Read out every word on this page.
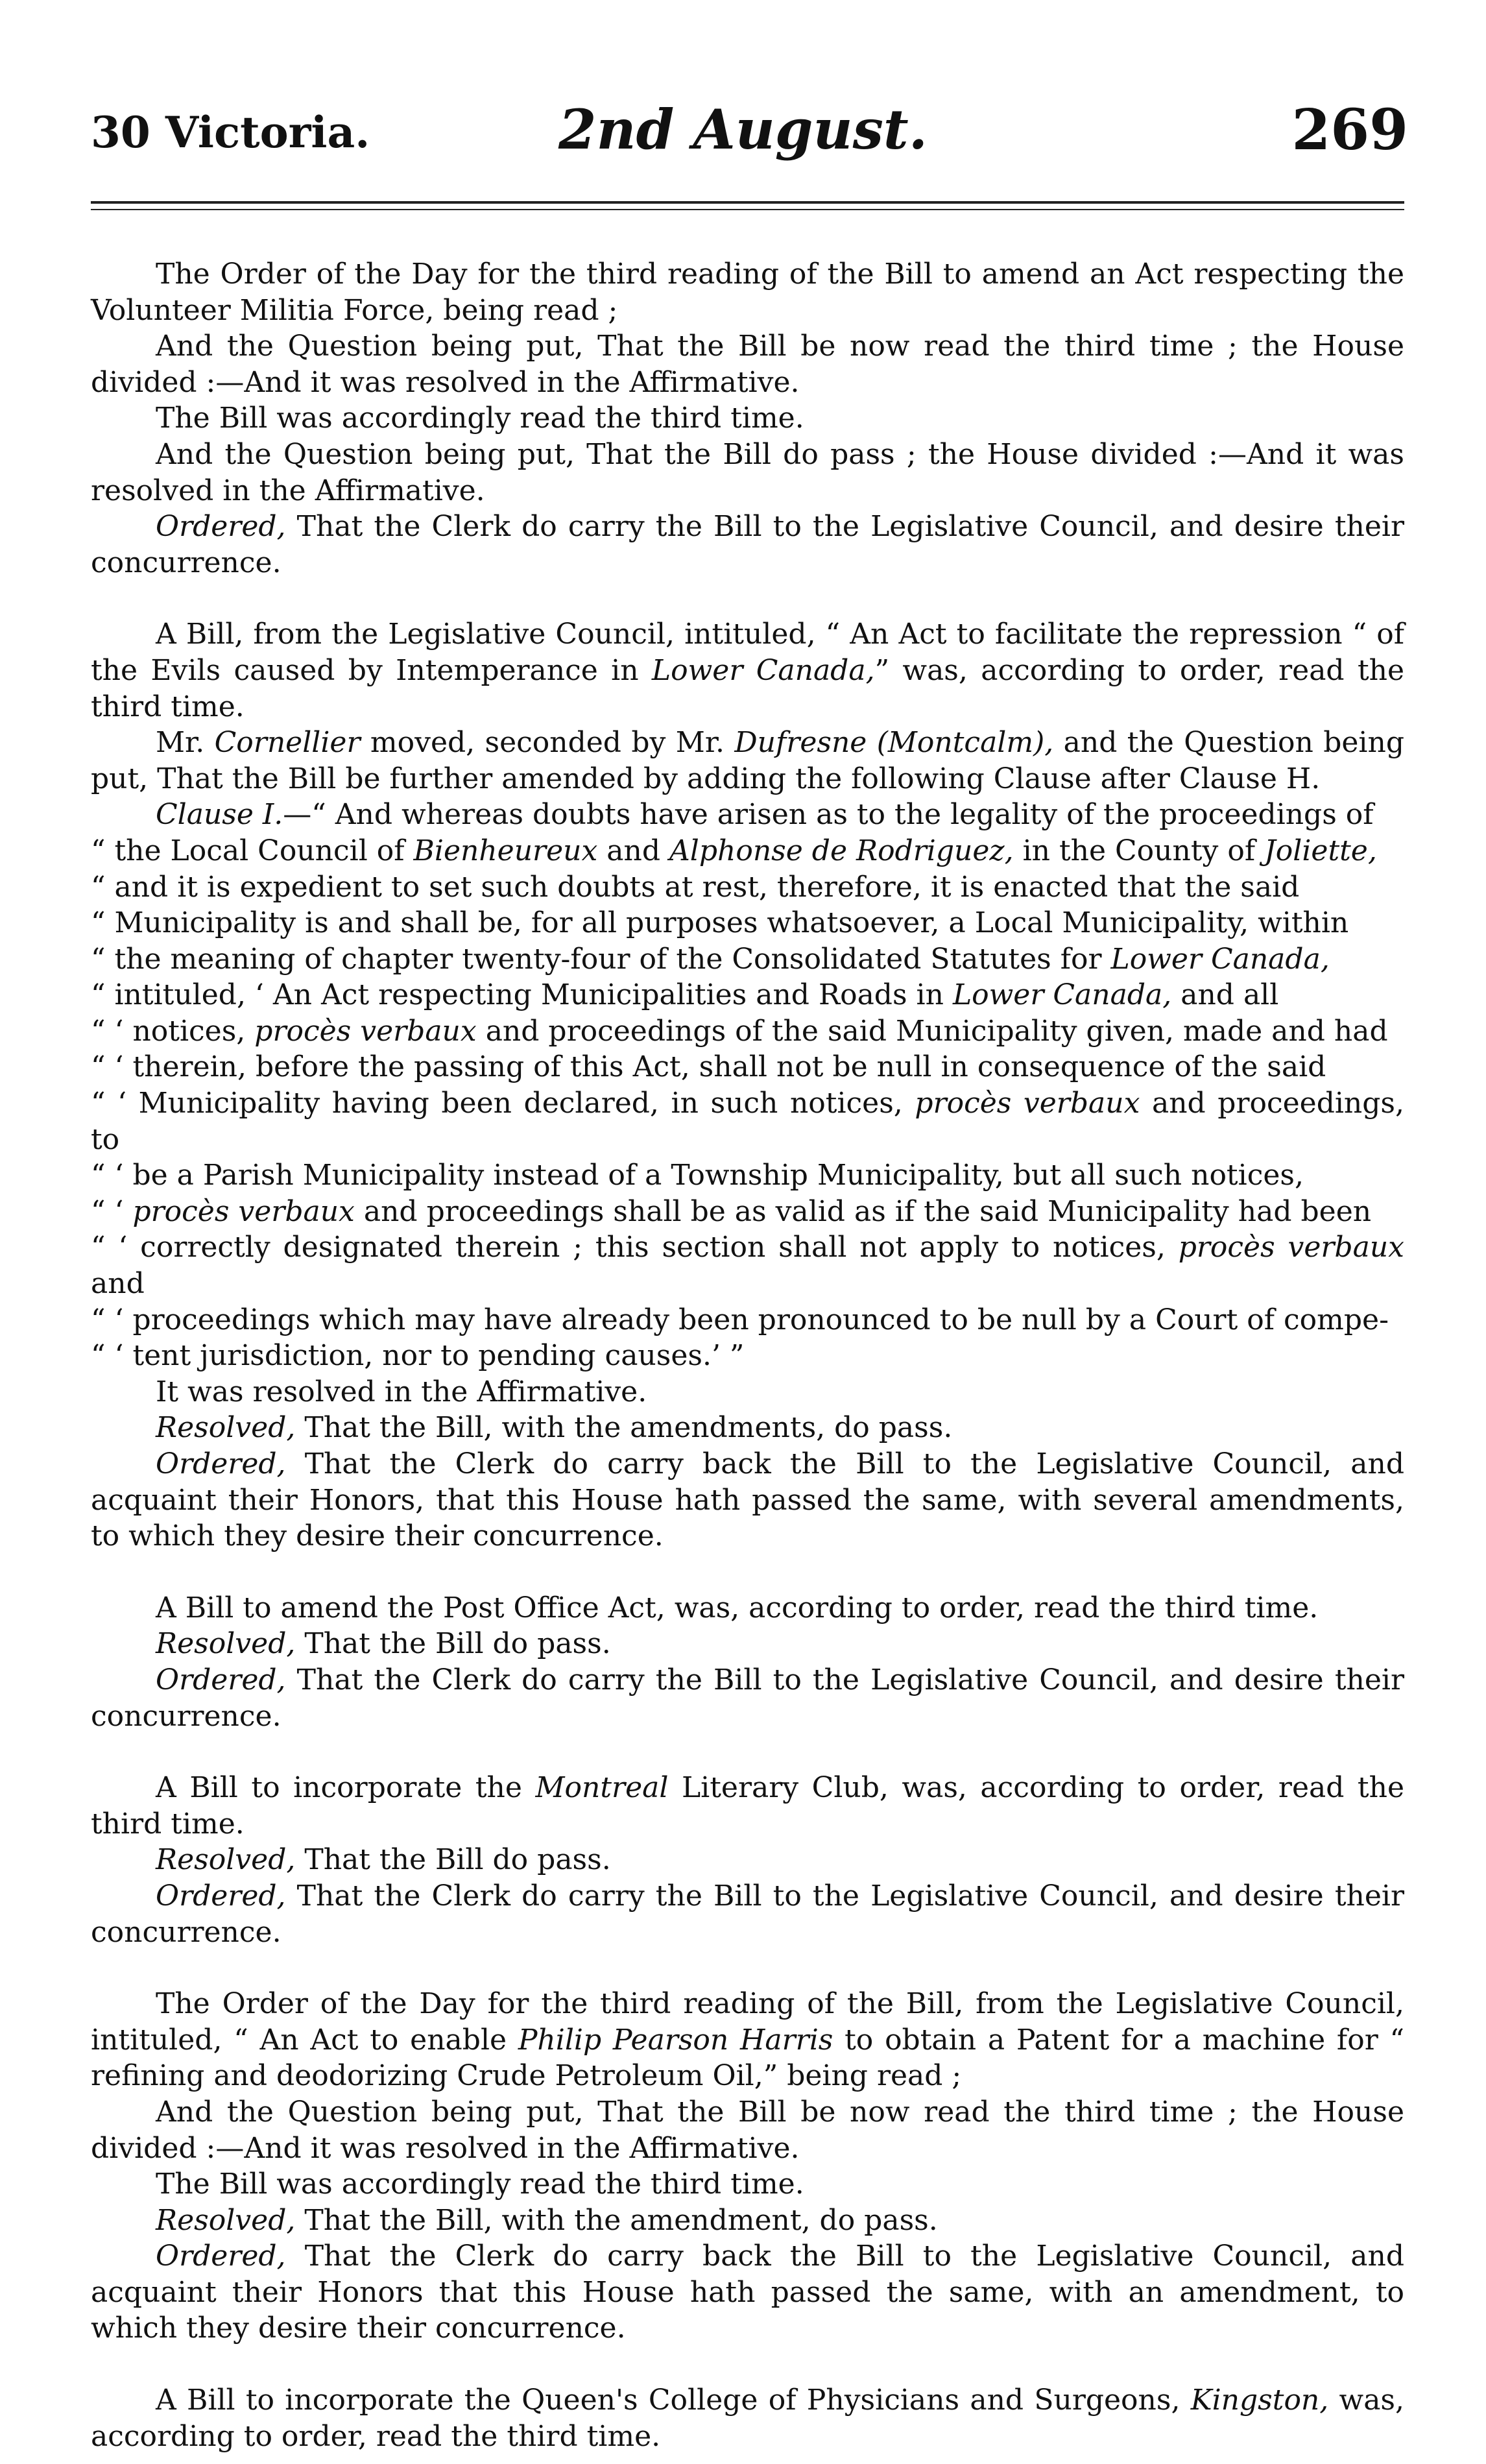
30 Victoria.	2nd August.	269

The Order of the Day for the third reading of the Bill to amend an Act respecting the Volunteer Militia Force, being read ;

And the Question being put, That the Bill be now read the third time ; the House divided :—And it was resolved in the Affirmative.

The Bill was accordingly read the third time.

And the Question being put, That the Bill do pass ; the House divided :—And it was resolved in the Affirmative.

Ordered, That the Clerk do carry the Bill to the Legislative Council, and desire their concurrence.

A Bill, from the Legislative Council, intituled, “ An Act to facilitate the repression “ of the Evils caused by Intemperance in Lower Canada,” was, according to order, read the third time.

Mr. Cornellier moved, seconded by Mr. Dufresne (Montcalm), and the Question being put, That the Bill be further amended by adding the following Clause after Clause H.

Clause I.—“ And whereas doubts have arisen as to the legality of the proceedings of

“ the Local Council of Bienheureux and Alphonse de Rodriguez, in the County of Joliette,

“ and it is expedient to set such doubts at rest, therefore, it is enacted that the said

“ Municipality is and shall be, for all purposes whatsoever, a Local Municipality, within

“ the meaning of chapter twenty-four of the Consolidated Statutes for Lower Canada,

“ intituled, ‘ An Act respecting Municipalities and Roads in Lower Canada, and all

“ ‘ notices, procès verbaux and proceedings of the said Municipality given, made and had

“ ‘ therein, before the passing of this Act, shall not be null in consequence of the said

“ ‘ Municipality having been declared, in such notices, procès verbaux and proceedings, to

“ ‘ be a Parish Municipality instead of a Township Municipality, but all such notices,

“ ‘ procès verbaux and proceedings shall be as valid as if the said Municipality had been

“ ‘ correctly designated therein ; this section shall not apply to notices, procès verbaux and

“ ‘ proceedings which may have already been pronounced to be null by a Court of compe-

“ ‘ tent jurisdiction, nor to pending causes.’ ”

It was resolved in the Affirmative.

Resolved, That the Bill, with the amendments, do pass.

Ordered, That the Clerk do carry back the Bill to the Legislative Council, and acquaint their Honors, that this House hath passed the same, with several amendments, to which they desire their concurrence.

A Bill to amend the Post Office Act, was, according to order, read the third time.

Resolved, That the Bill do pass.

Ordered, That the Clerk do carry the Bill to the Legislative Council, and desire their concurrence.

A Bill to incorporate the Montreal Literary Club, was, according to order, read the third time.

Resolved, That the Bill do pass.

Ordered, That the Clerk do carry the Bill to the Legislative Council, and desire their concurrence.

The Order of the Day for the third reading of the Bill, from the Legislative Council, intituled, “ An Act to enable Philip Pearson Harris to obtain a Patent for a machine for “ refining and deodorizing Crude Petroleum Oil,” being read ;

And the Question being put, That the Bill be now read the third time ; the House divided :—And it was resolved in the Affirmative.

The Bill was accordingly read the third time.

Resolved, That the Bill, with the amendment, do pass.

Ordered, That the Clerk do carry back the Bill to the Legislative Council, and acquaint their Honors that this House hath passed the same, with an amendment, to which they desire their concurrence.

A Bill to incorporate the Queen's College of Physicians and Surgeons, Kingston, was, according to order, read the third time.
